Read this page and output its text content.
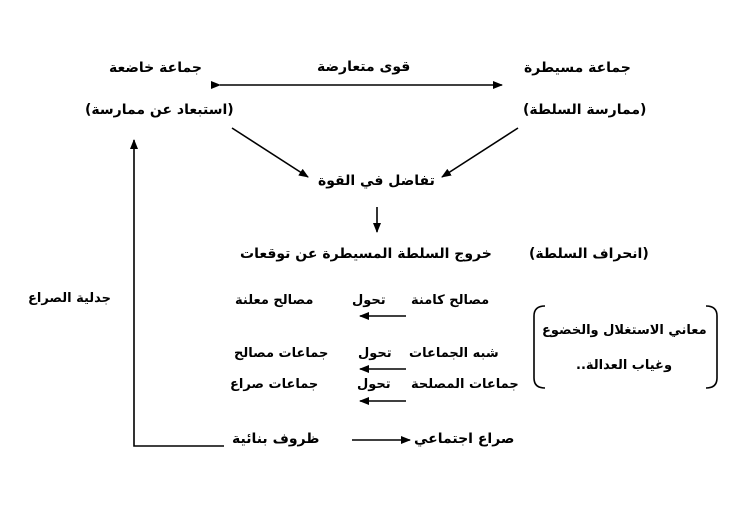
جماعة مسيطرة
قوى متعارضة
جماعة خاضعة
(ممارسة السلطة)
(استبعاد عن ممارسة)
تفاضل في القوة
(انحراف السلطة)
خروج السلطة المسيطرة عن توقعات
مصالح كامنة
تحول
مصالح معلنة
شبه الجماعات
تحول
جماعات مصالح
جماعات المصلحة
تحول
جماعات صراع
معاني الاستغلال والخضوع
وغياب العدالة..
صراع اجتماعي
ظروف بنائية
جدلية الصراع
